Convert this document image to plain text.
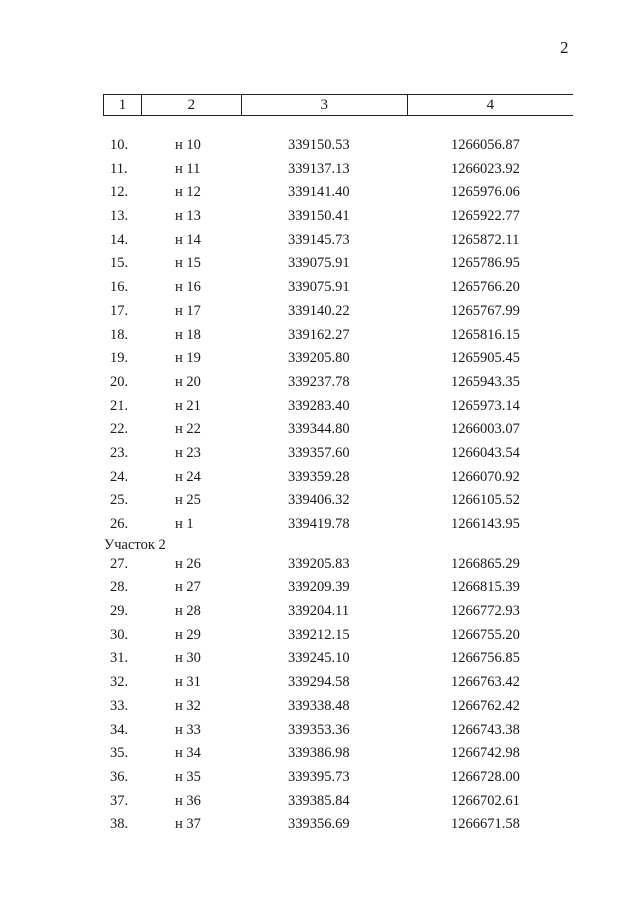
2
1	2	3	4
10.	н 10	339150.53	1266056.87
11.	н 11	339137.13	1266023.92
12.	н 12	339141.40	1265976.06
13.	н 13	339150.41	1265922.77
14.	н 14	339145.73	1265872.11
15.	н 15	339075.91	1265786.95
16.	н 16	339075.91	1265766.20
17.	н 17	339140.22	1265767.99
18.	н 18	339162.27	1265816.15
19.	н 19	339205.80	1265905.45
20.	н 20	339237.78	1265943.35
21.	н 21	339283.40	1265973.14
22.	н 22	339344.80	1266003.07
23.	н 23	339357.60	1266043.54
24.	н 24	339359.28	1266070.92
25.	н 25	339406.32	1266105.52
26.	н 1	339419.78	1266143.95
Участок 2
27.	н 26	339205.83	1266865.29
28.	н 27	339209.39	1266815.39
29.	н 28	339204.11	1266772.93
30.	н 29	339212.15	1266755.20
31.	н 30	339245.10	1266756.85
32.	н 31	339294.58	1266763.42
33.	н 32	339338.48	1266762.42
34.	н 33	339353.36	1266743.38
35.	н 34	339386.98	1266742.98
36.	н 35	339395.73	1266728.00
37.	н 36	339385.84	1266702.61
38.	н 37	339356.69	1266671.58
